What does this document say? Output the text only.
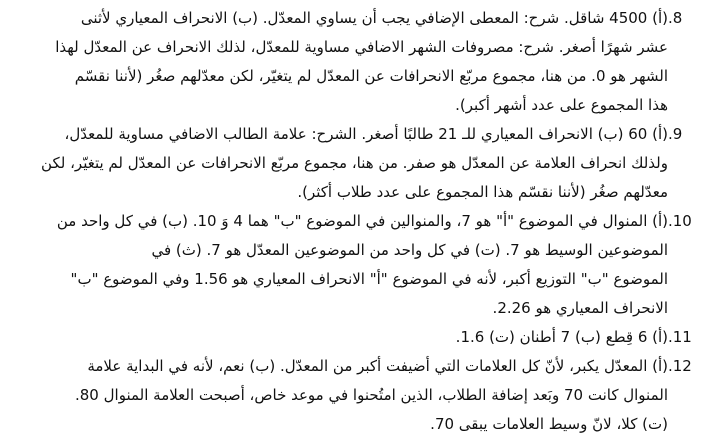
.8
(أ) 4500 شاقل. شرح: المعطى الإضافي يجب أن يساوي المعدّل. (ب) الانحراف المعياري لأثنى
عشر شهرًا أصغر. شرح: مصروفات الشهر الاضافي مساوية للمعدّل، لذلك الانحراف عن المعدّل لهذا
الشهر هو 0. من هنا، مجموع مربّع الانحرافات عن المعدّل لم يتغيّر، لكن معدّلهم صغُر (لأننا نقسّم
هذا المجموع على عدد أشهر أكبر).
.9
(أ) 60 (ب) الانحراف المعياري للـ 21 طالبًا أصغر. الشرح: علامة الطالب الاضافي مساوية للمعدّل،
ولذلك انحراف العلامة عن المعدّل هو صفر. من هنا، مجموع مربّع الانحرافات عن المعدّل لم يتغيّر، لكن
معدّلهم صغُر (لأننا نقسّم هذا المجموع على عدد طلاب أكثر).
.10
(أ) المنوال في الموضوع "أ" هو 7، والمنوالين في الموضوع "ب" هما 4 وَ 10. (ب) في كل واحد من
الموضوعين الوسيط هو 7. (ت) في كل واحد من الموضوعين المعدّل هو 7. (ث) في
الموضوع "ب" التوزيع أكبر، لأنه في الموضوع "أ" الانحراف المعياري هو 1.56 وفي الموضوع "ب"
الانحراف المعياري هو 2.26.
.11
(أ) 6 قِطع (ب) 7 أطنان (ت) 1.6.
.12
(أ) المعدّل يكبر، لأنّ كل العلامات التي أضيفت أكبر من المعدّل. (ب) نعم، لأنه في البداية علامة
المنوال كانت 70 وبَعد إضافة الطلاب، الذين امتُحنوا في موعد خاص، أصبحت العلامة المنوال 80.
(ت) كلا، لانّ وسيط العلامات يبقى 70.
